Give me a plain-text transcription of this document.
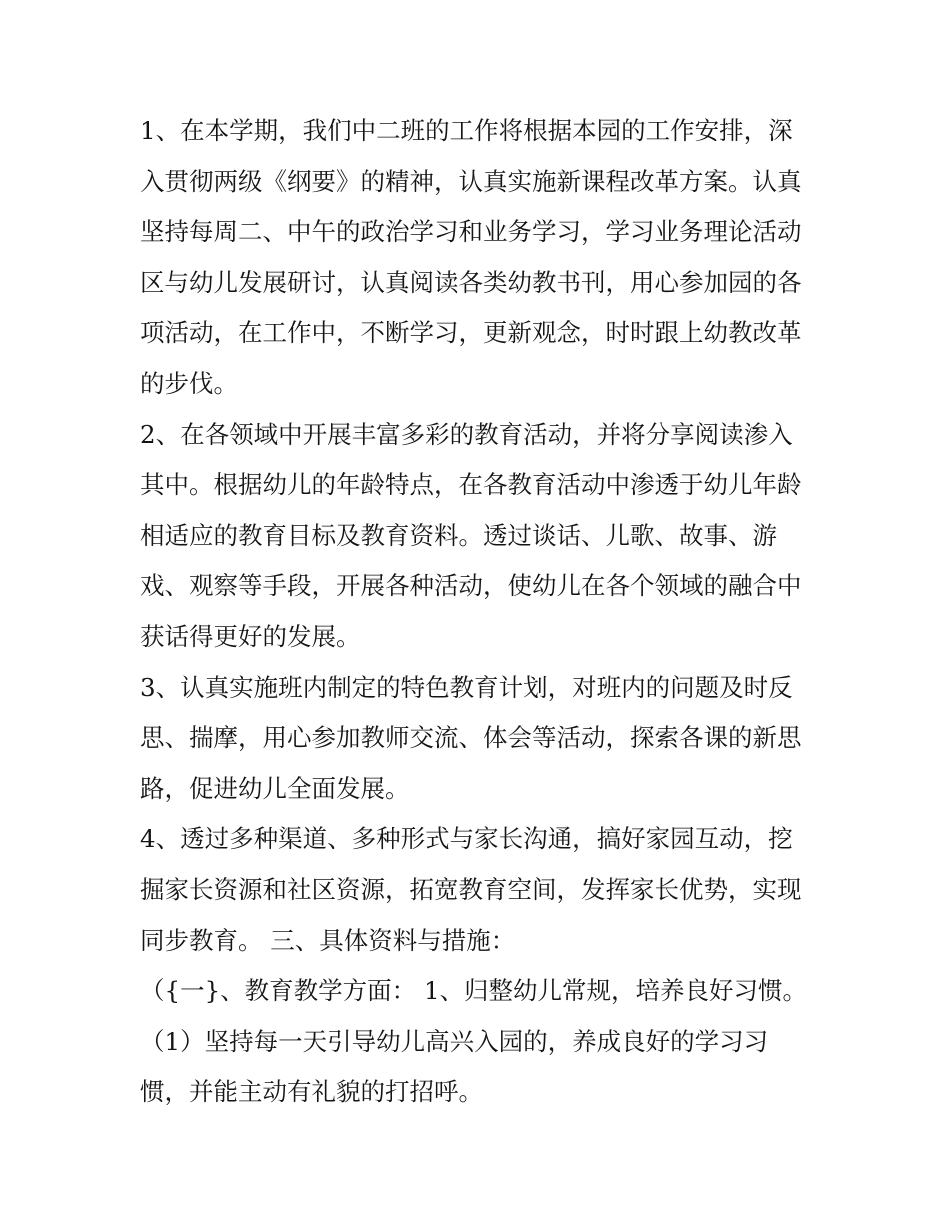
1、在本学期，我们中二班的工作将根据本园的工作安排，深
入贯彻两级《纲要》的精神，认真实施新课程改革方案。认真
坚持每周二、中午的政治学习和业务学习，学习业务理论活动
区与幼儿发展研讨，认真阅读各类幼教书刊，用心参加园的各
项活动，在工作中，不断学习，更新观念，时时跟上幼教改革
的步伐。
2、在各领域中开展丰富多彩的教育活动，并将分享阅读渗入
其中。根据幼儿的年龄特点，在各教育活动中渗透于幼儿年龄
相适应的教育目标及教育资料。透过谈话、儿歌、故事、游
戏、观察等手段，开展各种活动，使幼儿在各个领域的融合中
获话得更好的发展。
3、认真实施班内制定的特色教育计划，对班内的问题及时反
思、揣摩，用心参加教师交流、体会等活动，探索各课的新思
路，促进幼儿全面发展。
4、透过多种渠道、多种形式与家长沟通，搞好家园互动，挖
掘家长资源和社区资源，拓宽教育空间，发挥家长优势，实现
同步教育。 三、具体资料与措施：
（{一}、教育教学方面： 1、归整幼儿常规，培养良好习惯。
（1）坚持每一天引导幼儿高兴入园的，养成良好的学习习
惯，并能主动有礼貌的打招呼。
